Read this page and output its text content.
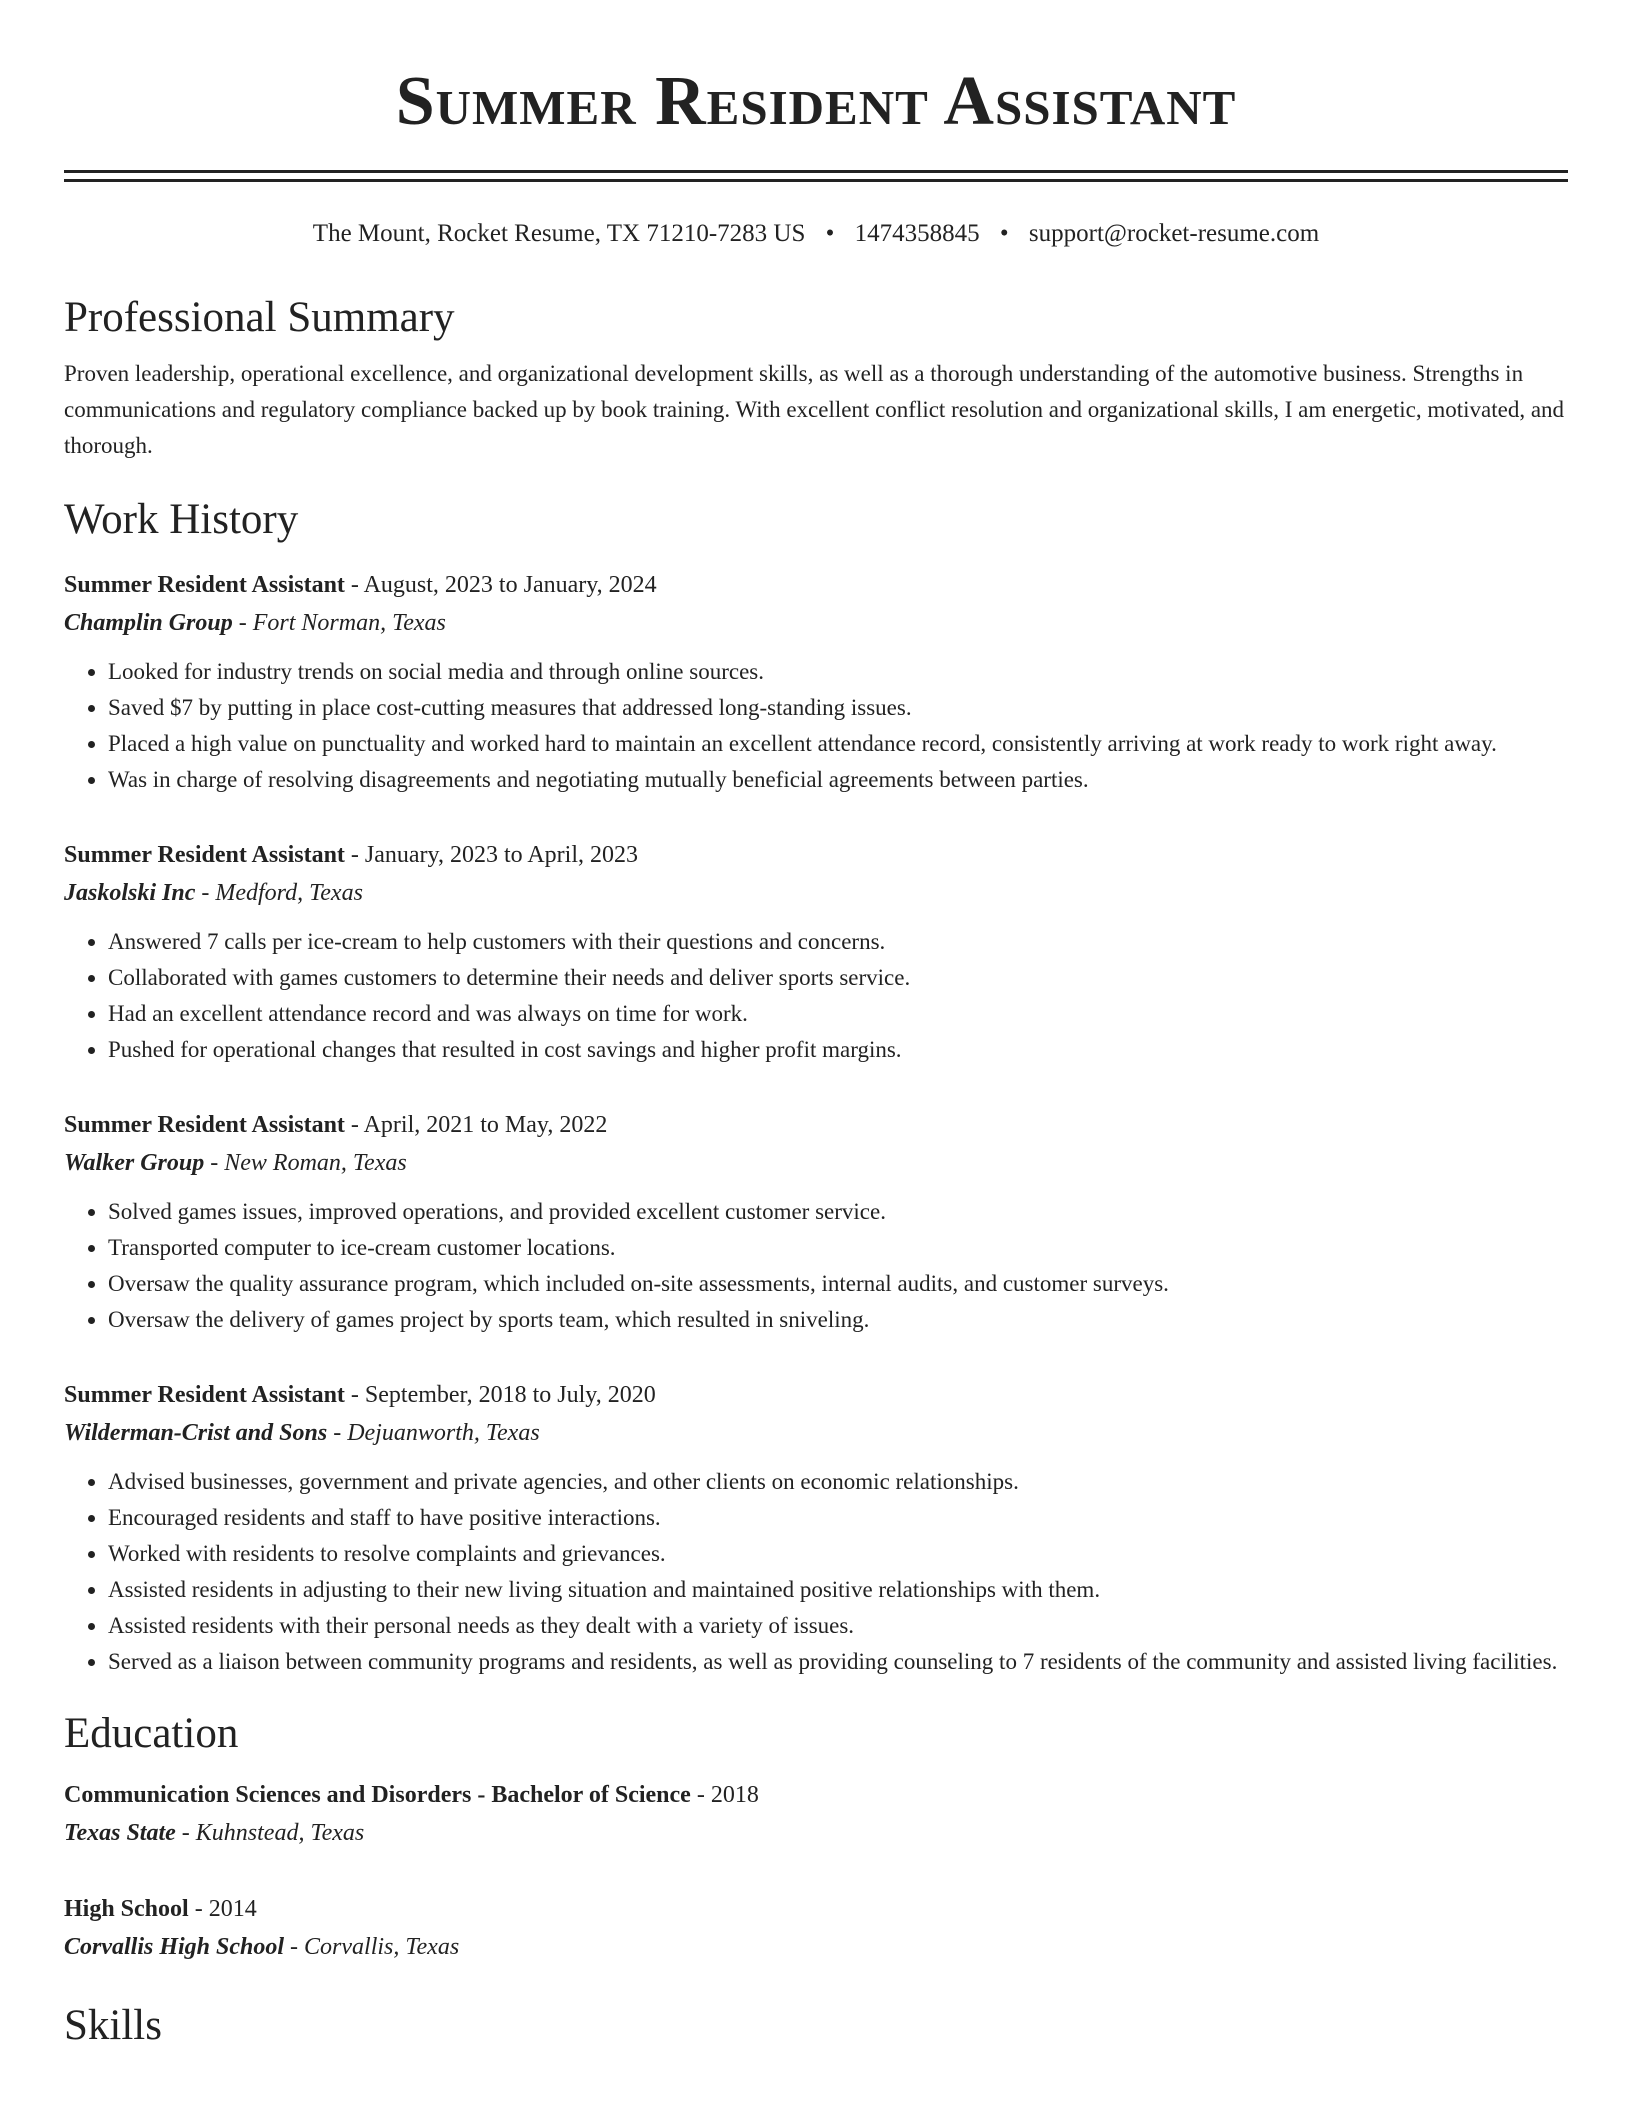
Summer Resident Assistant
The Mount, Rocket Resume, TX 71210-7283 US • 1474358845 • support@rocket-resume.com
Professional Summary

Proven leadership, operational excellence, and organizational development skills, as well as a thorough understanding of the automotive business. Strengths in communications and regulatory compliance backed up by book training. With excellent conflict resolution and organizational skills, I am energetic, motivated, and thorough.

Work History
Summer Resident Assistant - August, 2023 to January, 2024
Champlin Group - Fort Norman, Texas
• Looked for industry trends on social media and through online sources.
• Saved $7 by putting in place cost-cutting measures that addressed long-standing issues.
• Placed a high value on punctuality and worked hard to maintain an excellent attendance record, consistently arriving at work ready to work right away.
• Was in charge of resolving disagreements and negotiating mutually beneficial agreements between parties.
Summer Resident Assistant - January, 2023 to April, 2023
Jaskolski Inc - Medford, Texas
• Answered 7 calls per ice-cream to help customers with their questions and concerns.
• Collaborated with games customers to determine their needs and deliver sports service.
• Had an excellent attendance record and was always on time for work.
• Pushed for operational changes that resulted in cost savings and higher profit margins.
Summer Resident Assistant - April, 2021 to May, 2022
Walker Group - New Roman, Texas
• Solved games issues, improved operations, and provided excellent customer service.
• Transported computer to ice-cream customer locations.
• Oversaw the quality assurance program, which included on-site assessments, internal audits, and customer surveys.
• Oversaw the delivery of games project by sports team, which resulted in sniveling.
Summer Resident Assistant - September, 2018 to July, 2020
Wilderman-Crist and Sons - Dejuanworth, Texas
• Advised businesses, government and private agencies, and other clients on economic relationships.
• Encouraged residents and staff to have positive interactions.
• Worked with residents to resolve complaints and grievances.
• Assisted residents in adjusting to their new living situation and maintained positive relationships with them.
• Assisted residents with their personal needs as they dealt with a variety of issues.
• Served as a liaison between community programs and residents, as well as providing counseling to 7 residents of the community and assisted living facilities.
Education
Communication Sciences and Disorders - Bachelor of Science - 2018
Texas State - Kuhnstead, Texas
High School - 2014
Corvallis High School - Corvallis, Texas
Skills
